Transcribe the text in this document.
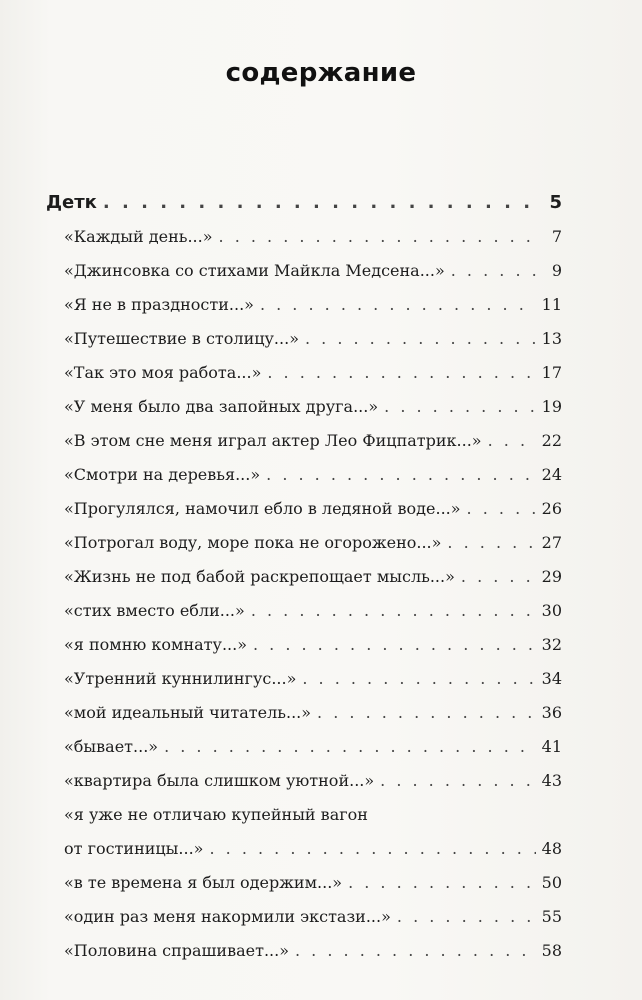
содержание
Детк . . .	5
«Каждый день...» . . .	7
«Джинсовка со стихами Майкла Медсена...» . . .	9
«Я не в праздности...» . . .	11
«Путешествие в столицу...» . . .	13
«Так это моя работа...» . . .	17
«У меня было два запойных друга...» . . .	19
«В этом сне меня играл актер Лео Фицпатрик...» . . .	22
«Смотри на деревья...» . . .	24
«Прогулялся, намочил ебло в ледяной воде...» . . .	26
«Потрогал воду, море пока не огорожено...» . . .	27
«Жизнь не под бабой раскрепощает мысль...» . . .	29
«стих вместо ебли...» . . .	30
«я помню комнату...» . . .	32
«Утренний куннилингус...» . . .	34
«мой идеальный читатель...» . . .	36
«бывает...» . . .	41
«квартира была слишком уютной...» . . .	43
«я уже не отличаю купейный вагон
от гостиницы...» . . .	48
«в те времена я был одержим...» . . .	50
«один раз меня накормили экстази...» . . .	55
«Половина спрашивает...» . . .	58
